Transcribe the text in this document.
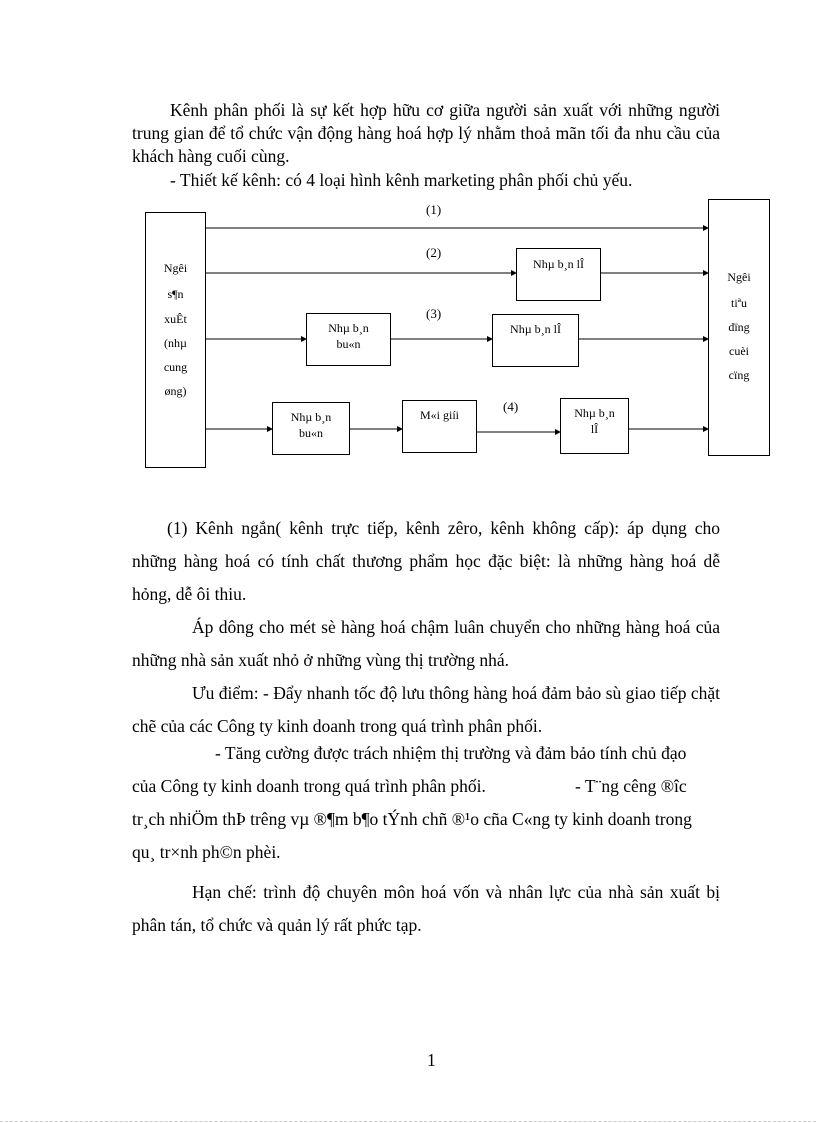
Kênh phân phối là sự kết hợp hữu cơ giữa người sản xuất với những người trung gian để tổ chức vận động hàng hoá hợp lý nhằm thoả mãn tối đa nhu cầu của khách hàng cuối cùng.
- Thiết kế kênh: có 4 loại hình kênh marketing phân phối chủ yếu.
Ngêi
s¶n
xuÊt
(nhµ
cung
øng)
Ngêi
tiªu
dïng
cuèi
cïng
(1)
(2)
(3)
(4)
Nhµ b¸n lÎ
Nhµ b¸n
bu«n
Nhµ b¸n lÎ
Nhµ b¸n
bu«n
M«i giíi	Nhµ b¸n
lÎ
(1) Kênh ngắn( kênh trực tiếp, kênh zêro, kênh không cấp): áp dụng cho những hàng hoá có tính chất thương phẩm học đặc biệt: là những hàng hoá dễ hỏng, dễ ôi thiu.
Áp dông cho mét sè hàng hoá chậm luân chuyển cho những hàng hoá của những nhà sản xuất nhỏ ở những vùng thị trường nhá.
Ưu điểm: - Đẩy nhanh tốc độ lưu thông hàng hoá đảm bảo sù giao tiếp chặt chẽ của các Công ty kinh doanh trong quá trình phân phối.
- Tăng cường được trách nhiệm thị trường và đảm bảo tính chủ đạo
của Công ty kinh doanh trong quá trình phân phối.	- T¨ng cêng ®îc
tr¸ch nhiÖm thÞ trêng vµ ®¶m b¶o tÝnh chñ ®¹o cña C«ng ty kinh doanh trong
qu¸ tr×nh ph©n phèi.
Hạn chế: trình độ chuyên môn hoá vốn và nhân lực của nhà sản xuất bị phân tán, tổ chức và quản lý rất phức tạp.
1
